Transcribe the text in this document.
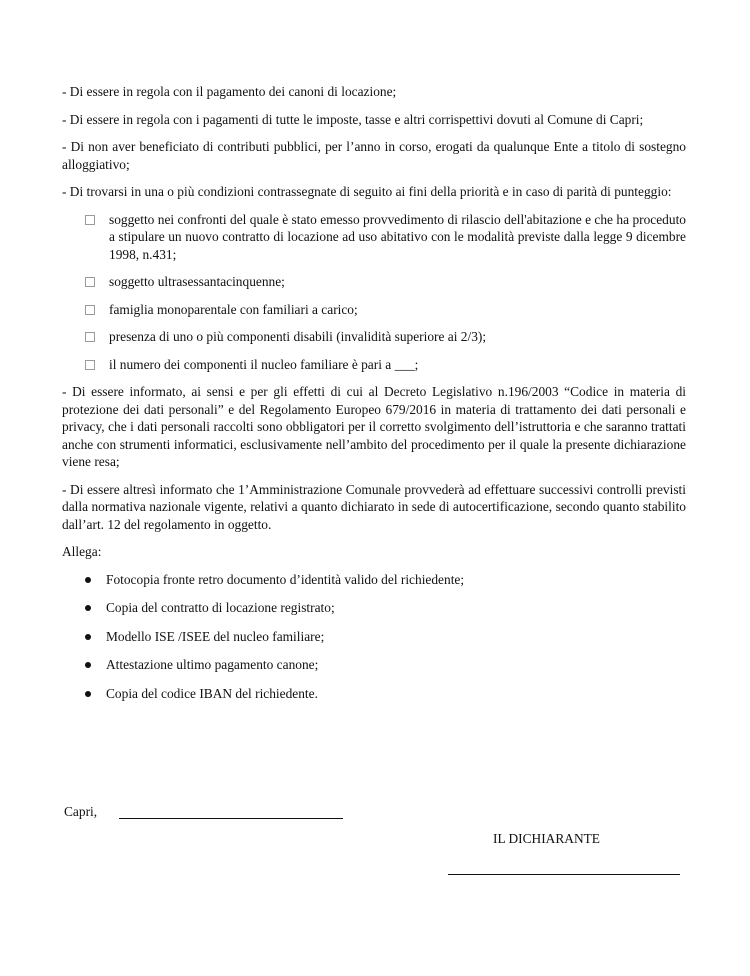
- Di essere in regola con il pagamento dei canoni di locazione;

- Di essere in regola con i pagamenti di tutte le imposte, tasse e altri corrispettivi dovuti al Comune di Capri;

- Di non aver beneficiato di contributi pubblici, per l’anno in corso, erogati da qualunque Ente a titolo di sostegno alloggiativo;

- Di trovarsi in una o più condizioni contrassegnate di seguito ai fini della priorità e in caso di parità di punteggio:

soggetto nei confronti del quale è stato emesso provvedimento di rilascio dell'abitazione e che ha proceduto a stipulare un nuovo contratto di locazione ad uso abitativo con le modalità previste dalla legge 9 dicembre 1998, n.431;
soggetto ultrasessantacinquenne;
famiglia monoparentale con familiari a carico;
presenza di uno o più componenti disabili (invalidità superiore ai 2/3);
il numero dei componenti il nucleo familiare è pari a ___;

- Di essere informato, ai sensi e per gli effetti di cui al Decreto Legislativo n.196/2003 “Codice in materia di protezione dei dati personali” e del Regolamento Europeo 679/2016 in materia di trattamento dei dati personali e privacy, che i dati personali raccolti sono obbligatori per il corretto svolgimento dell’istruttoria e che saranno trattati anche con strumenti informatici, esclusivamente nell’ambito del procedimento per il quale la presente dichiarazione viene resa;

- Di essere altresì informato che 1’Amministrazione Comunale provvederà ad effettuare successivi controlli previsti dalla normativa nazionale vigente, relativi a quanto dichiarato in sede di autocertificazione, secondo quanto stabilito dall’art. 12 del regolamento in oggetto.

Allega:
Fotocopia fronte retro documento d’identità valido del richiedente;
Copia del contratto di locazione registrato;
Modello ISE /ISEE del nucleo familiare;
Attestazione ultimo pagamento canone;
Copia del codice IBAN del richiedente.
Capri,
IL DICHIARANTE
